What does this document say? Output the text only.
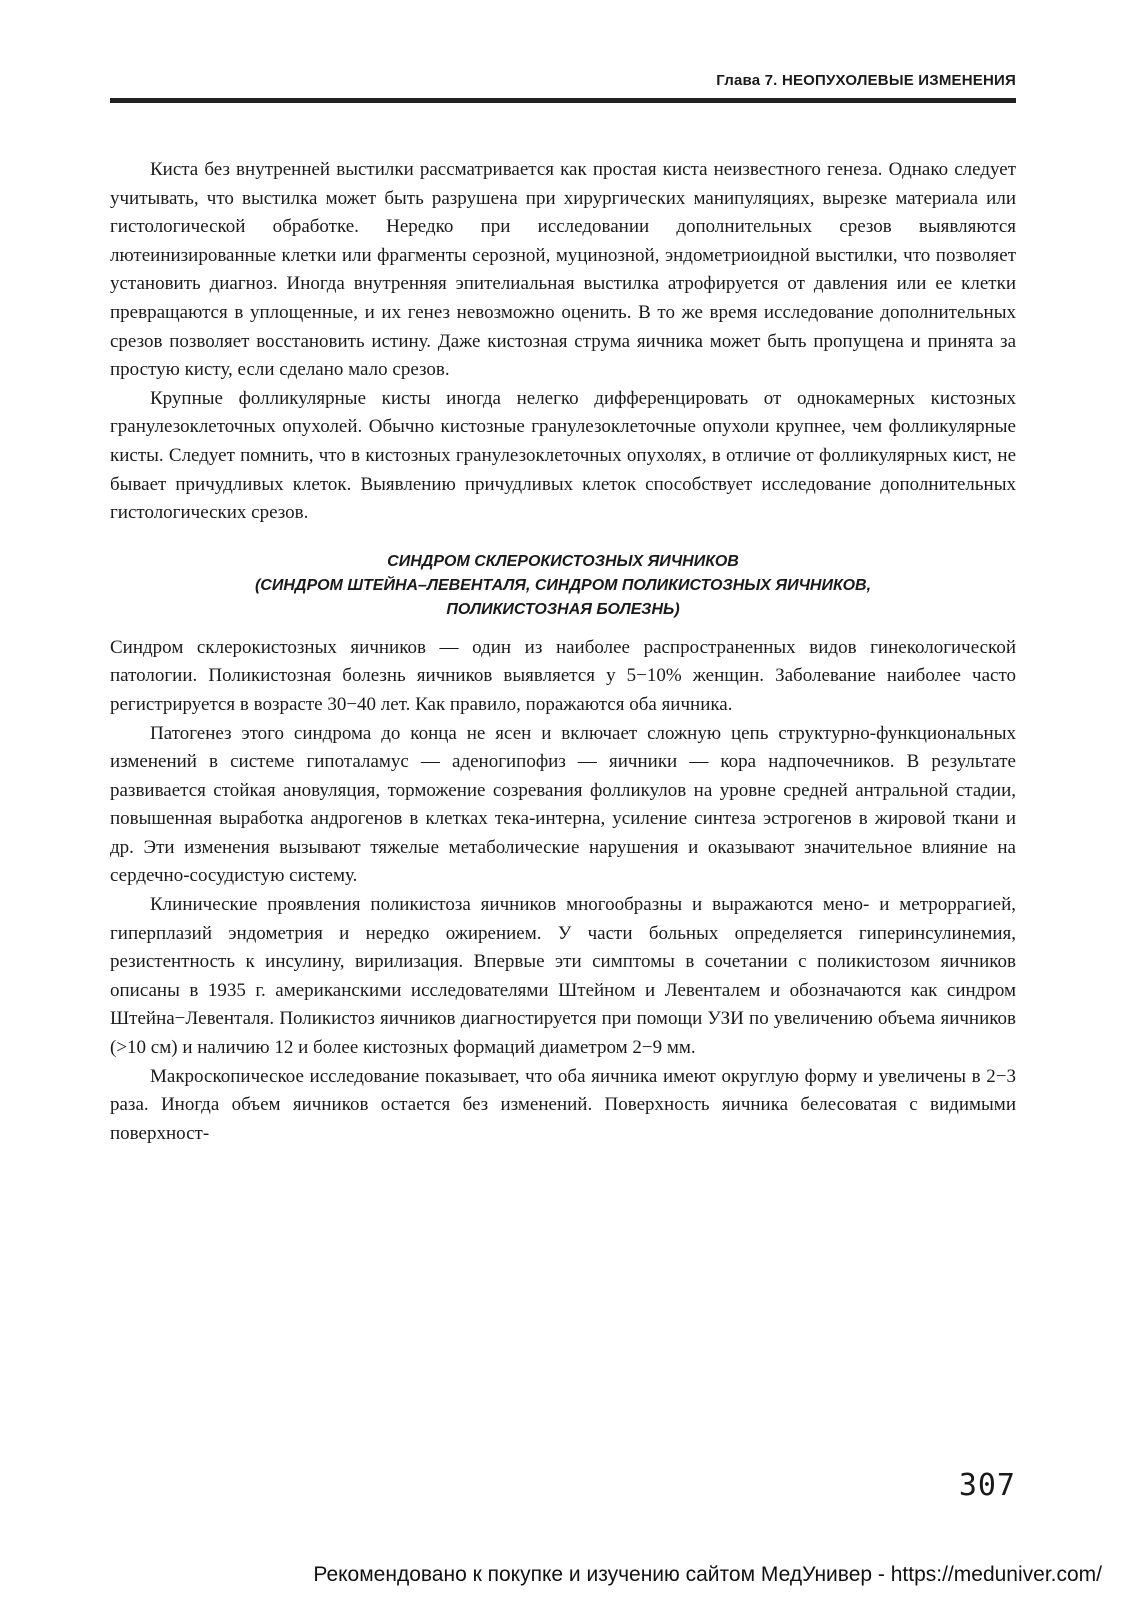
Глава 7. НЕОПУХОЛЕВЫЕ ИЗМЕНЕНИЯ

Киста без внутренней выстилки рассматривается как простая киста неизвестного генеза. Однако следует учитывать, что выстилка может быть разрушена при хирургических манипуляциях, вырезке материала или гистологической обработке. Нередко при исследовании дополнительных срезов выявляются лютеинизированные клетки или фрагменты серозной, муцинозной, эндометриоидной выстилки, что позволяет установить диагноз. Иногда внутренняя эпителиальная выстилка атрофируется от давления или ее клетки превращаются в уплощенные, и их генез невозможно оценить. В то же время исследование дополнительных срезов позволяет восстановить истину. Даже кистозная струма яичника может быть пропущена и принята за простую кисту, если сделано мало срезов.

Крупные фолликулярные кисты иногда нелегко дифференцировать от однокамерных кистозных гранулезоклеточных опухолей. Обычно кистозные гранулезоклеточные опухоли крупнее, чем фолликулярные кисты. Следует помнить, что в кистозных гранулезоклеточных опухолях, в отличие от фолликулярных кист, не бывает причудливых клеток. Выявлению причудливых клеток способствует исследование дополнительных гистологических срезов.

СИНДРОМ СКЛЕРОКИСТОЗНЫХ ЯИЧНИКОВ
(СИНДРОМ ШТЕЙНА–ЛЕВЕНТАЛЯ, СИНДРОМ ПОЛИКИСТОЗНЫХ ЯИЧНИКОВ,
ПОЛИКИСТОЗНАЯ БОЛЕЗНЬ)

Синдром склерокистозных яичников — один из наиболее распространенных видов гинекологической патологии. Поликистозная болезнь яичников выявляется у 5−10% женщин. Заболевание наиболее часто регистрируется в возрасте 30−40 лет. Как правило, поражаются оба яичника.

Патогенез этого синдрома до конца не ясен и включает сложную цепь структурно-функциональных изменений в системе гипоталамус — аденогипофиз — яичники — кора надпочечников. В результате развивается стойкая ановуляция, торможение созревания фолликулов на уровне средней антральной стадии, повышенная выработка андрогенов в клетках тека-интерна, усиление синтеза эстрогенов в жировой ткани и др. Эти изменения вызывают тяжелые метаболические нарушения и оказывают значительное влияние на сердечно-сосудистую систему.

Клинические проявления поликистоза яичников многообразны и выражаются мено- и метроррагией, гиперплазий эндометрия и нередко ожирением. У части больных определяется гиперинсулинемия, резистентность к инсулину, вирилизация. Впервые эти симптомы в сочетании с поликистозом яичников описаны в 1935 г. американскими исследователями Штейном и Левенталем и обозначаются как синдром Штейна−Левенталя. Поликистоз яичников диагностируется при помощи УЗИ по увеличению объема яичников (>10 см) и наличию 12 и более кистозных формаций диаметром 2−9 мм.

Макроскопическое исследование показывает, что оба яичника имеют округлую форму и увеличены в 2−3 раза. Иногда объем яичников остается без изменений. Поверхность яичника белесоватая с видимыми поверхност-

307
Рекомендовано к покупке и изучению сайтом МедУнивер - https://meduniver.com/
